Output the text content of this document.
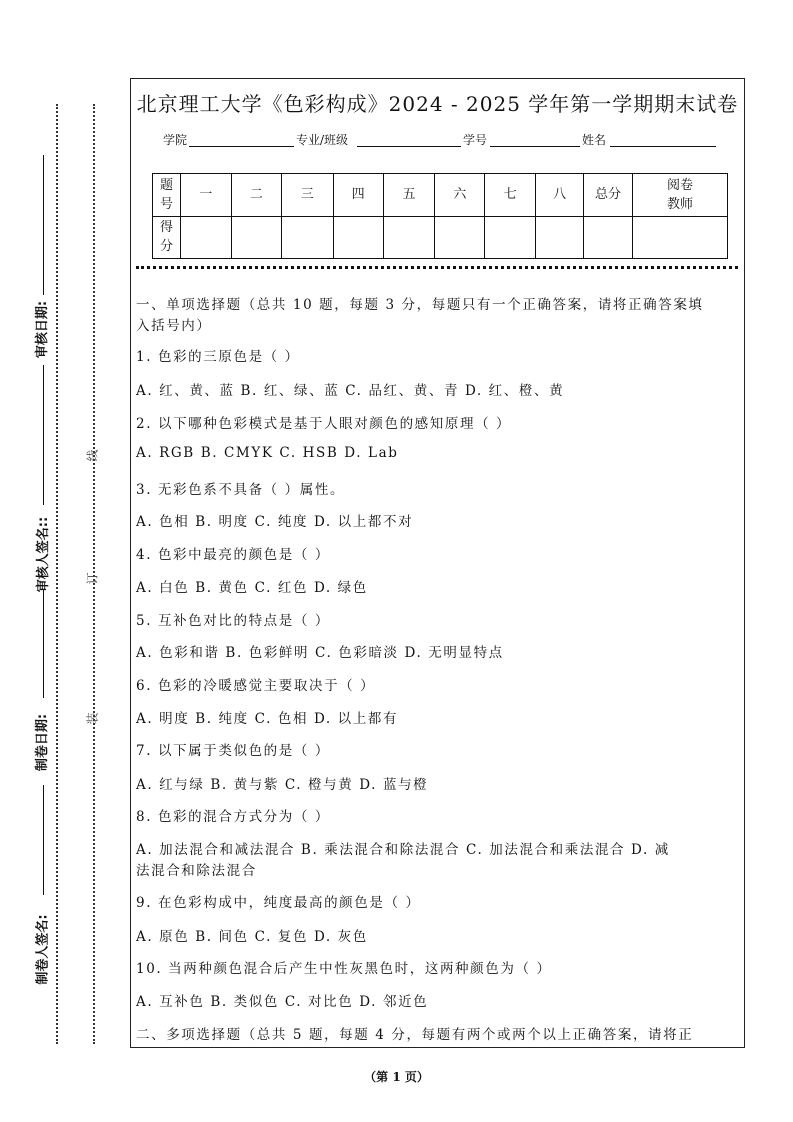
北京理工大学《色彩构成》2024 - 2025 学年第一学期期末试卷
学院	专业/班级	学号	姓名
题号	一	二	三	四	五	六	七	八	总分	阅卷教师
得分										
一、单项选择题（总共 10 题，每题 3 分，每题只有一个正确答案，请将正确答案填
入括号内）
1. 色彩的三原色是（ ）
A. 红、黄、蓝 B. 红、绿、蓝 C. 品红、黄、青 D. 红、橙、黄
2. 以下哪种色彩模式是基于人眼对颜色的感知原理（ ）
A. RGB B. CMYK C. HSB D. Lab
3. 无彩色系不具备（ ）属性。
A. 色相 B. 明度 C. 纯度 D. 以上都不对
4. 色彩中最亮的颜色是（ ）
A. 白色 B. 黄色 C. 红色 D. 绿色
5. 互补色对比的特点是（ ）
A. 色彩和谐 B. 色彩鲜明 C. 色彩暗淡 D. 无明显特点
6. 色彩的冷暖感觉主要取决于（ ）
A. 明度 B. 纯度 C. 色相 D. 以上都有
7. 以下属于类似色的是（ ）
A. 红与绿 B. 黄与紫 C. 橙与黄 D. 蓝与橙
8. 色彩的混合方式分为（ ）
A. 加法混合和减法混合 B. 乘法混合和除法混合 C. 加法混合和乘法混合 D. 减
法混合和除法混合
9. 在色彩构成中，纯度最高的颜色是（ ）
A. 原色 B. 间色 C. 复色 D. 灰色
10. 当两种颜色混合后产生中性灰黑色时，这两种颜色为（ ）
A. 互补色 B. 类似色 C. 对比色 D. 邻近色
二、多项选择题（总共 5 题，每题 4 分，每题有两个或两个以上正确答案，请将正
审核日期:
审核人签名::
制卷日期:
制卷人签名:
线
订
装
（第 1 页）
